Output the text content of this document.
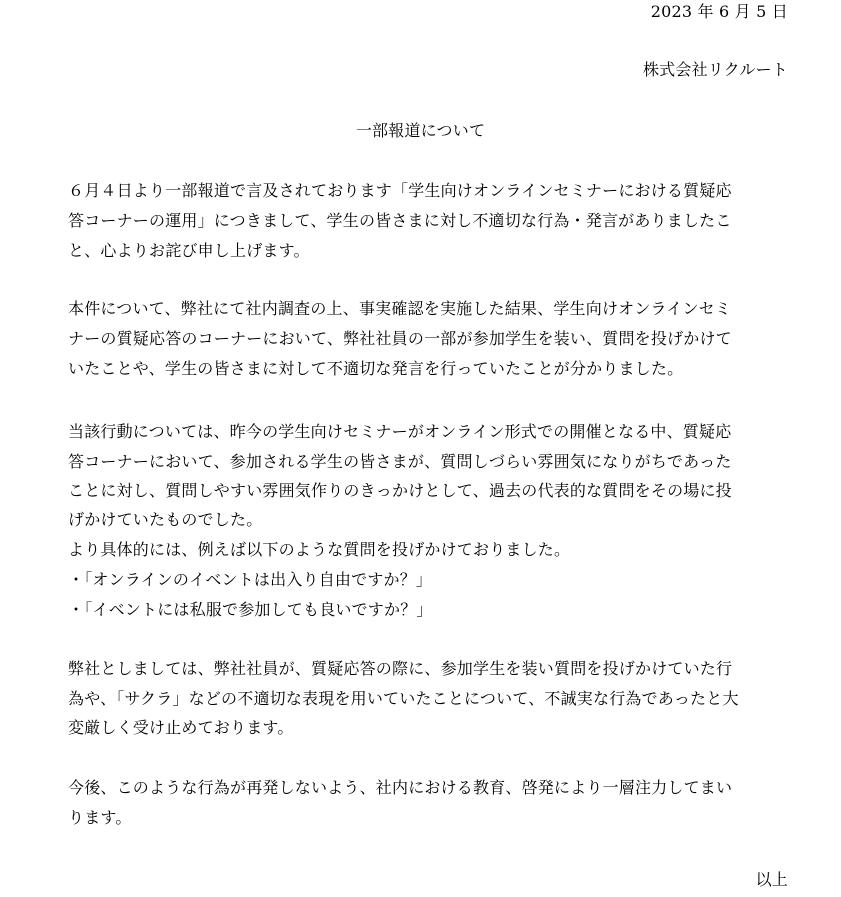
2023 年 6 月 5 日
株式会社リクルート
一部報道について
６月４日より一部報道で言及されております「学生向けオンラインセミナーにおける質疑応
答コーナーの運用」につきまして、学生の皆さまに対し不適切な行為・発言がありましたこ
と、心よりお詫び申し上げます。
本件について、弊社にて社内調査の上、事実確認を実施した結果、学生向けオンラインセミ
ナーの質疑応答のコーナーにおいて、弊社社員の一部が参加学生を装い、質問を投げかけて
いたことや、学生の皆さまに対して不適切な発言を行っていたことが分かりました。
当該行動については、昨今の学生向けセミナーがオンライン形式での開催となる中、質疑応
答コーナーにおいて、参加される学生の皆さまが、質問しづらい雰囲気になりがちであった
ことに対し、質問しやすい雰囲気作りのきっかけとして、過去の代表的な質問をその場に投
げかけていたものでした。
より具体的には、例えば以下のような質問を投げかけておりました。
・「オンラインのイベントは出入り自由ですか？」
・「イベントには私服で参加しても良いですか？」
弊社としましては、弊社社員が、質疑応答の際に、参加学生を装い質問を投げかけていた行
為や、「サクラ」などの不適切な表現を用いていたことについて、不誠実な行為であったと大
変厳しく受け止めております。
今後、このような行為が再発しないよう、社内における教育、啓発により一層注力してまい
ります。
以上
